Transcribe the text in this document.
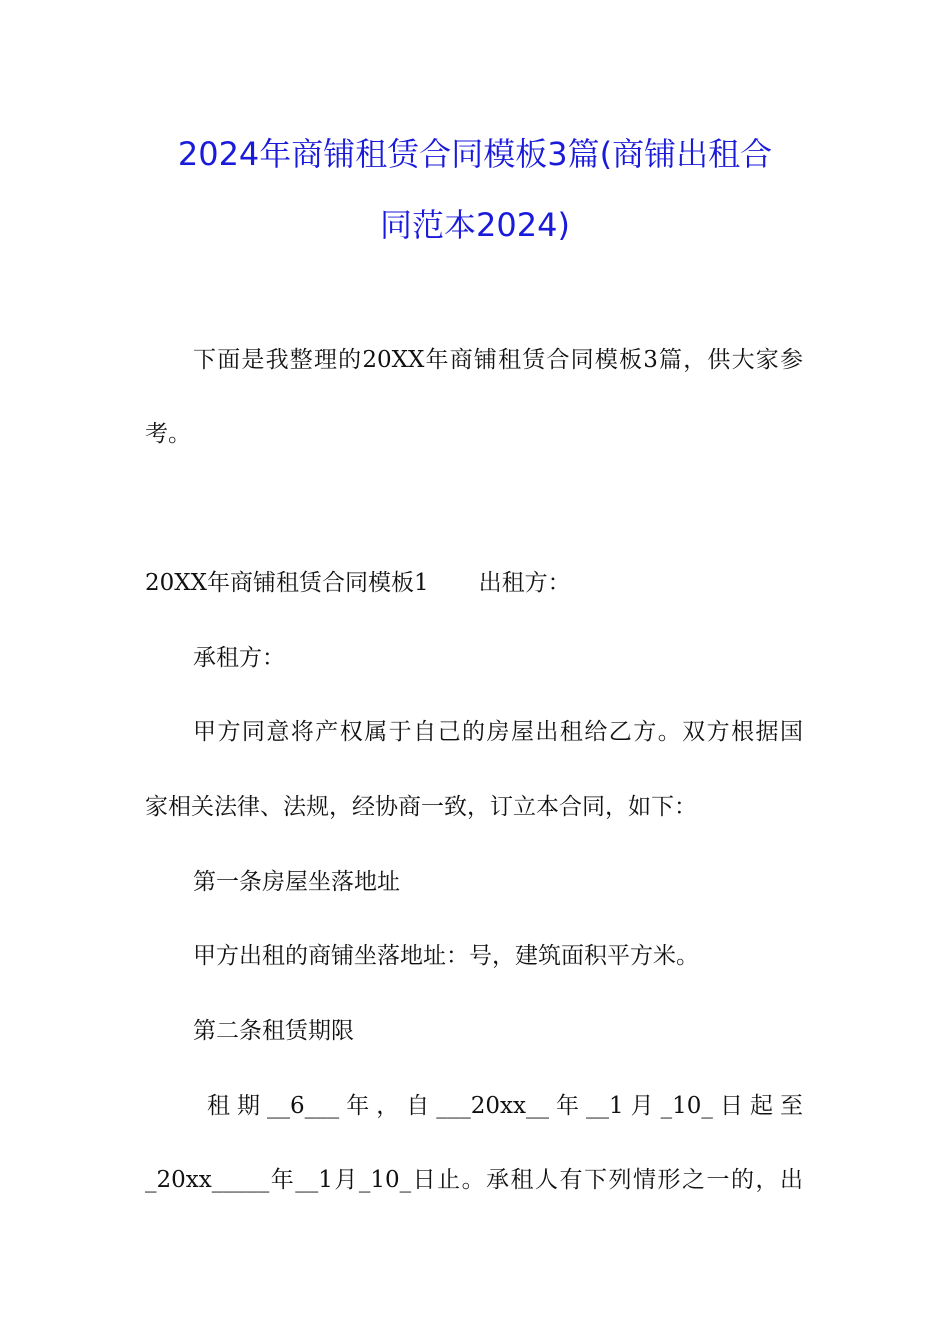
2024年商铺租赁合同模板3篇(商铺出租合
同范本2024)
下面是我整理的20XX年商铺租赁合同模板3篇，供大家参
考。
20XX年商铺租赁合同模板1 出租方：
承租方：
甲方同意将产权属于自己的房屋出租给乙方。双方根据国
家相关法律、法规，经协商一致，订立本合同，如下：
第一条房屋坐落地址
甲方出租的商铺坐落地址：号，建筑面积平方米。
第二条租赁期限
租期__6___年，自___20xx__年__1月_10_日起至
_20xx_____年__1月_10_日止。承租人有下列情形之一的，出
